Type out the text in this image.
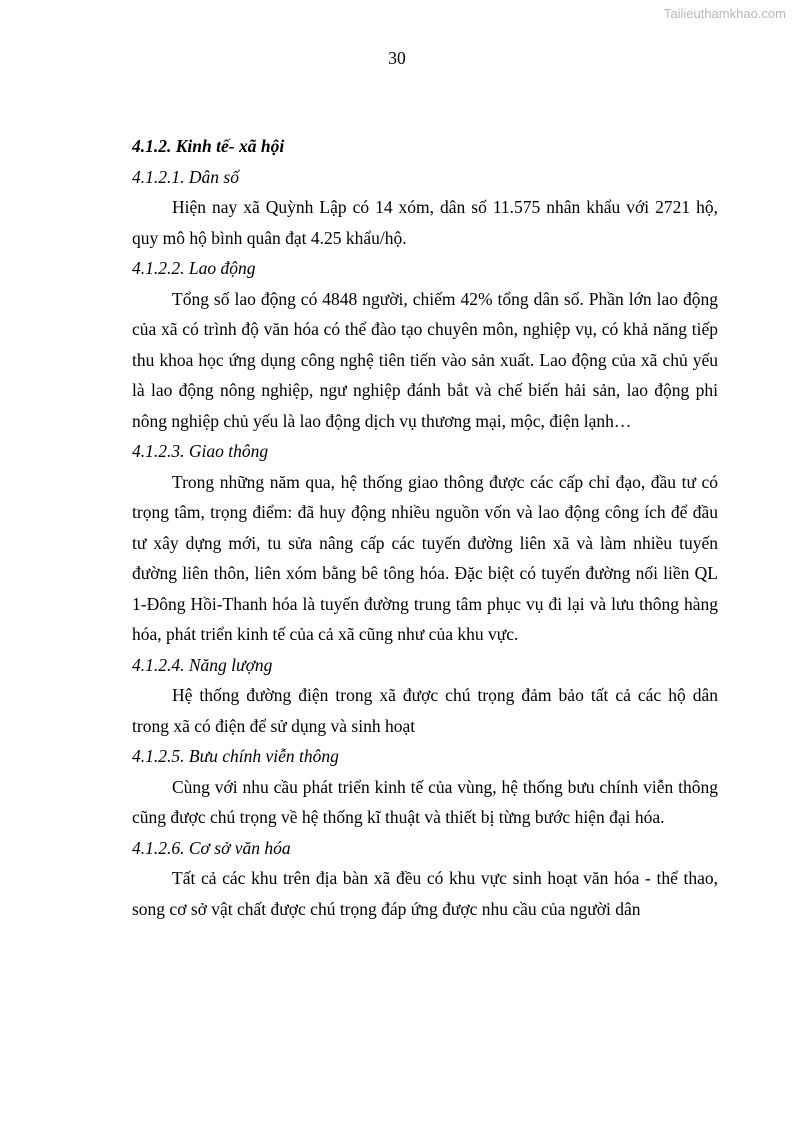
Tailieuthamkhao.com
30

4.1.2. Kinh tế- xã hội

4.1.2.1. Dân số

Hiện nay xã Quỳnh Lập có 14 xóm, dân số 11.575 nhân khẩu với 2721 hộ, quy mô hộ bình quân đạt 4.25 khẩu/hộ.

4.1.2.2. Lao động

Tổng số lao động có 4848 người, chiếm 42% tổng dân số. Phần lớn lao động của xã có trình độ văn hóa có thể đào tạo chuyên môn, nghiệp vụ, có khả năng tiếp thu khoa học ứng dụng công nghệ tiên tiến vào sản xuất. Lao động của xã chủ yếu là lao động nông nghiệp, ngư nghiệp đánh bắt và chế biến hải sản, lao động phi nông nghiệp chủ yếu là lao động dịch vụ thương mại, mộc, điện lạnh…

4.1.2.3. Giao thông

Trong những năm qua, hệ thống giao thông được các cấp chỉ đạo, đầu tư có trọng tâm, trọng điểm: đã huy động nhiều nguồn vốn và lao động công ích để đầu tư xây dựng mới, tu sửa nâng cấp các tuyến đường liên xã và làm nhiều tuyến đường liên thôn, liên xóm bằng bê tông hóa. Đặc biệt có tuyến đường nối liền QL 1-Đông Hồi-Thanh hóa là tuyến đường trung tâm phục vụ đi lại và lưu thông hàng hóa, phát triển kinh tế của cả xã cũng như của khu vực.

4.1.2.4. Năng lượng

Hệ thống đường điện trong xã được chú trọng đảm bảo tất cả các hộ dân trong xã có điện để sử dụng và sinh hoạt

4.1.2.5. Bưu chính viễn thông

Cùng với nhu cầu phát triển kinh tế của vùng, hệ thống bưu chính viễn thông cũng được chú trọng về hệ thống kĩ thuật và thiết bị từng bước hiện đại hóa.

4.1.2.6. Cơ sở văn hóa

Tất cả các khu trên địa bàn xã đều có khu vực sinh hoạt văn hóa - thể thao, song cơ sở vật chất được chú trọng đáp ứng được nhu cầu của người dân
